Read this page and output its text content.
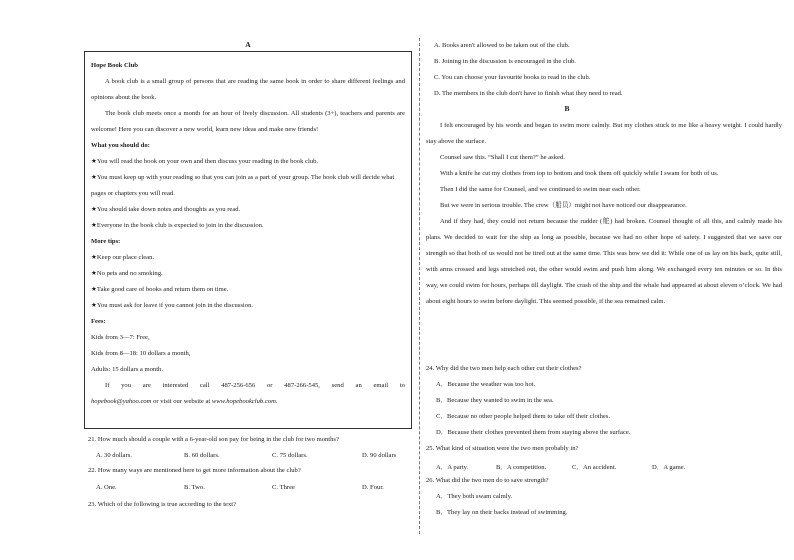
A

Hope Book Club

A book club is a small group of persons that are reading the same book in order to share different feelings and opinions about the book.

The book club meets once a month for an hour of lively discussion. All students (3+), teachers and parents are welcome! Here you can discover a new world, learn new ideas and make new friends!

What you should do:

★You will read the book on your own and then discuss your reading in the book club.

★You must keep up with your reading so that you can join as a part of your group. The book club will decide what pages or chapters you will read.

★You should take down notes and thoughts as you read.

★Everyone in the book club is expected to join in the discussion.

More tips:

★Keep our place clean.

★No pets and no smoking.

★Take good care of books and return them on time.

★You must ask for leave if you cannot join in the discussion.

Fees:

Kids from 3—7: Free,

Kids from 8—18: 10 dollars a month,

Adults: 15 dollars a month.

If you are interested call 487-256-656 or 487-266-545, send an email to

hopebook@yahoo.com or visit our website at www.hopebookclub.com.

21. How much should a couple with a 6-year-old son pay for being in the club for two months?
A. 30 dollars.	B. 60 dollars.	C. 75 dollars.	D. 90 dollars
22. How many ways are mentioned here to get more information about the club?
A. One.	B. Two.	C. Three	D. Four.
23. Which of the following is true according to the text?
A. Books aren't allowed to be taken out of the club.
B. Joining in the discussion is encouraged in the club.
C. You can choose your favourite books to read in the club.
D. The members in the club don't have to finish what they need to read.
B

I felt encouraged by his words and began to swim more calmly. But my clothes stuck to me like a heavy weight. I could hardly stay above the surface.

Counsel saw this. “Shall I cut them?” he asked.

With a knife he cut my clothes from top to bottom and took them off quickly while I swam for both of us.

Then I did the same for Counsel, and we continued to swim near each other.

But we were in serious trouble. The crew（船员）might not have noticed our disappearance.

And if they had, they could not return because the rudder (舵) had broken. Counsel thought of all this, and calmly made his plans. We decided to wait for the ship as long as possible, because we had no other hope of safety. I suggested that we save our strength so that both of us would not be tired out at the same time. This was how we did it: While one of us lay on his back, quite still, with arms crossed and legs stretched out, the other would swim and push him along. We exchanged every ten minutes or so. In this way, we could swim for hours, perhaps till daylight. The crash of the ship and the whale had appeared at about eleven o’clock. We had about eight hours to swim before daylight. This seemed possible, if the sea remained calm.

24. Why did the two men help each other cut their clothes?
A．Because the weather was too hot.
B．Because they wanted to swim in the sea.
C．Because no other people helped them to take off their clothes.
D．Because their clothes prevented them from staying above the surface.
25. What kind of situation were the two men probably in?
A．A party.	B．A competition.	C．An accident.	D．A game.
26. What did the two men do to save strength?
A．They both swam calmly.
B．They lay on their backs instead of swimming.
